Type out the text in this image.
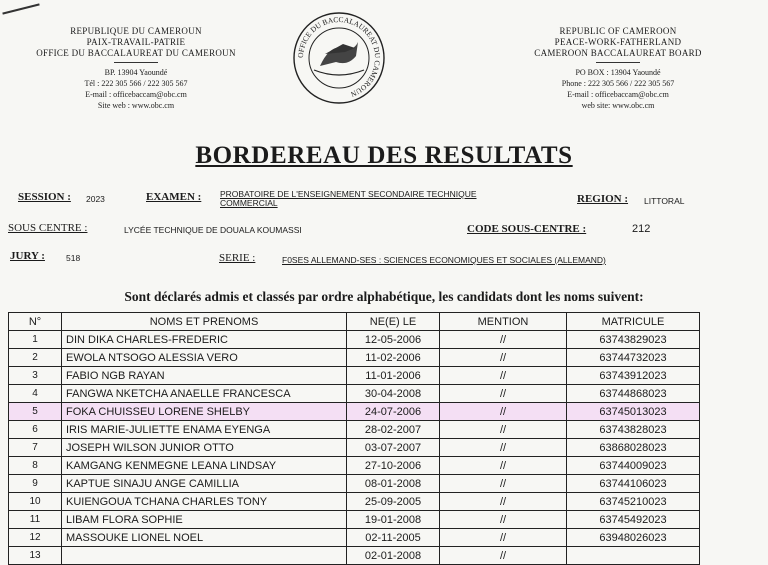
REPUBLIQUE DU CAMEROUN
PAIX-TRAVAIL-PATRIE
OFFICE DU BACCALAUREAT DU CAMEROUN
BP. 13904 Yaoundé
Tél : 222 305 566 / 222 305 567
E-mail : officebaccam@obc.cm
Site web : www.obc.cm
OFFICE DU BACCALAUREAT DU CAMEROUN
REPUBLIC OF CAMEROON
PEACE-WORK-FATHERLAND
CAMEROON BACCALAUREAT BOARD
PO BOX : 13904 Yaoundé
Phone : 222 305 566 / 222 305 567
E-mail : officebaccam@obc.cm
web site: www.obc.cm
BORDEREAU DES RESULTATS
SESSION : 2023	EXAMEN : PROBATOIRE DE L'ENSEIGNEMENT SECONDAIRE TECHNIQUE
COMMERCIAL	REGION : LITTORAL
SOUS CENTRE :	LYCÉE TECHNIQUE DE DOUALA KOUMASSI	CODE SOUS-CENTRE :	212
JURY : 518	SERIE :	F0SES ALLEMAND-SES : SCIENCES ECONOMIQUES ET SOCIALES (ALLEMAND)
Sont déclarés admis et classés par ordre alphabétique, les candidats dont les noms suivent:
N°	NOMS ET PRENOMS	NE(E) LE	MENTION	MATRICULE
1	DIN DIKA CHARLES-FREDERIC	12-05-2006	//	63743829023
2	EWOLA NTSOGO ALESSIA VERO	11-02-2006	//	63744732023
3	FABIO NGB RAYAN	11-01-2006	//	63743912023
4	FANGWA NKETCHA ANAELLE FRANCESCA	30-04-2008	//	63744868023
5	FOKA CHUISSEU LORENE SHELBY	24-07-2006	//	63745013023
6	IRIS MARIE-JULIETTE ENAMA EYENGA	28-02-2007	//	63743828023
7	JOSEPH WILSON JUNIOR OTTO	03-07-2007	//	63868028023
8	KAMGANG KENMEGNE LEANA LINDSAY	27-10-2006	//	63744009023
9	KAPTUE SINAJU ANGE CAMILLIA	08-01-2008	//	63744106023
10	KUIENGOUA TCHANA CHARLES TONY	25-09-2005	//	63745210023
11	LIBAM FLORA SOPHIE	19-01-2008	//	63745492023
12	MASSOUKE LIONEL NOEL	02-11-2005	//	63948026023
13		02-01-2008	//	
